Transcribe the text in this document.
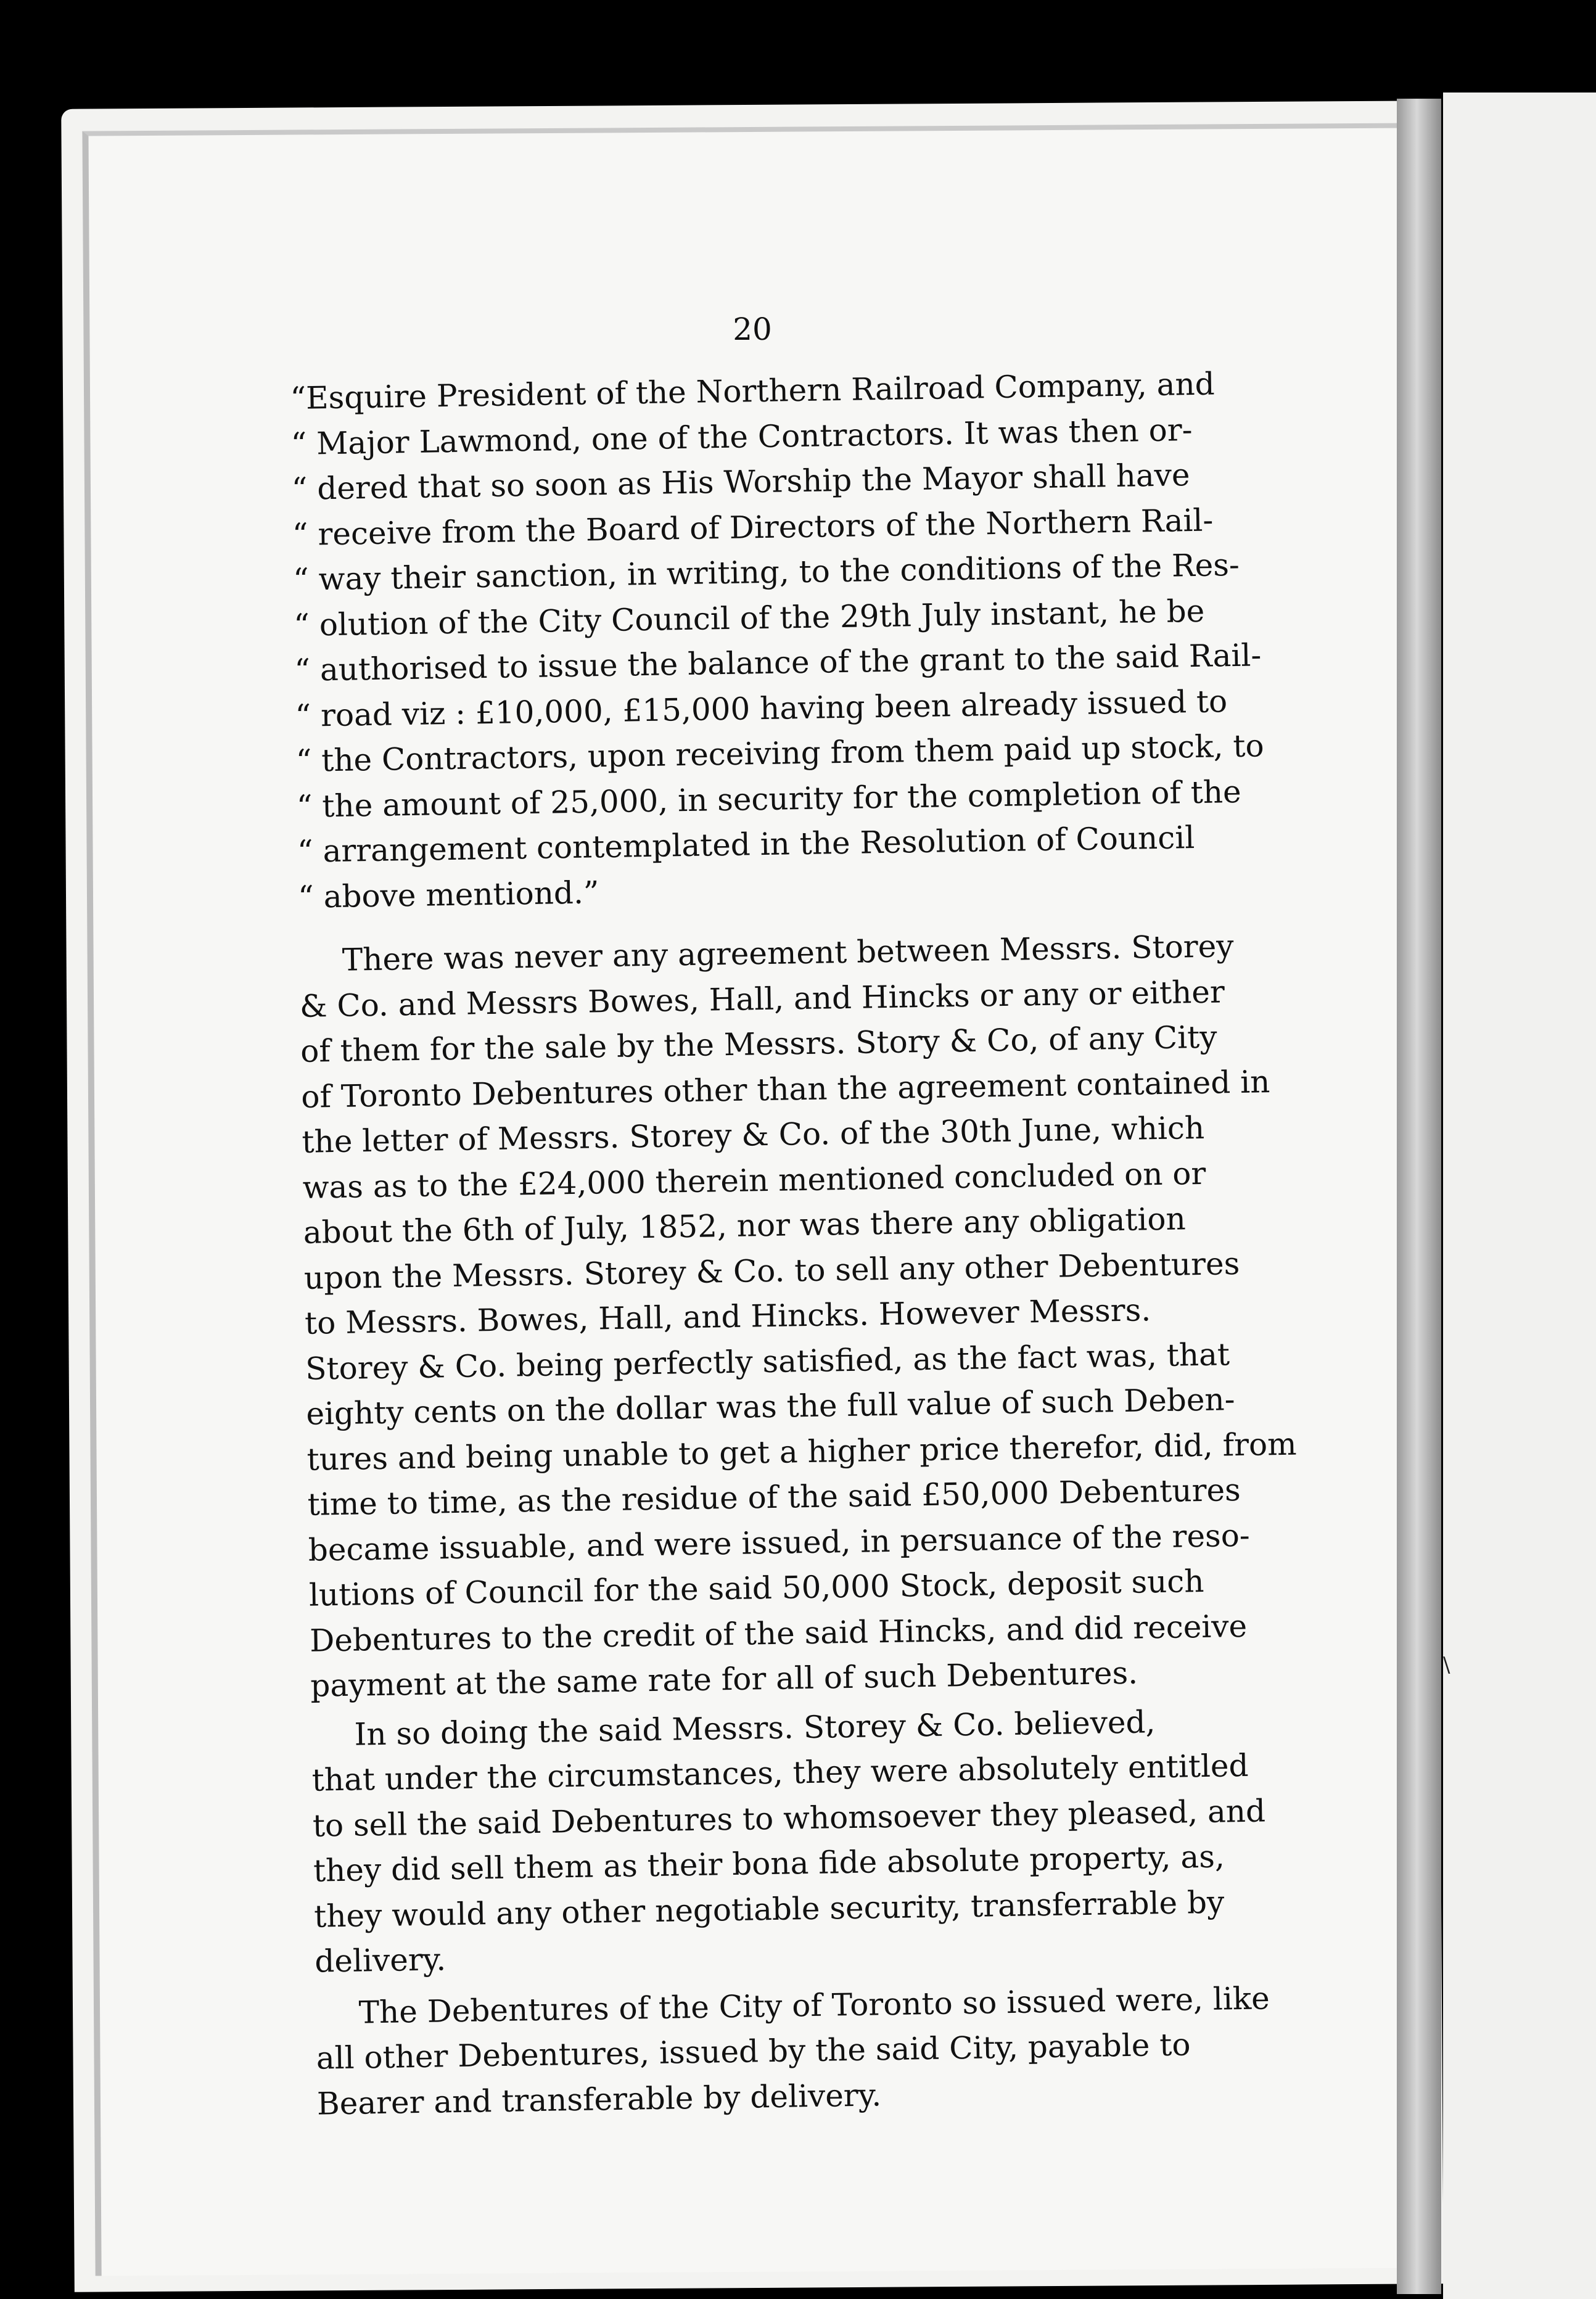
\
20
“Esquire President of the Northern Railroad Company, and
“ Major Lawmond, one of the Contractors. It was then or-
“ dered that so soon as His Worship the Mayor shall have
“ receive from the Board of Directors of the Northern Rail-
“ way their sanction, in writing, to the conditions of the Res-
“ olution of the City Council of the 29th July instant, he be
“ authorised to issue the balance of the grant to the said Rail-
“ road viz : £10,000, £15,000 having been already issued to
“ the Contractors, upon receiving from them paid up stock, to
“ the amount of 25,000, in security for the completion of the
“ arrangement contemplated in the Resolution of Council
“ above mentiond.”
There was never any agreement between Messrs. Storey
& Co. and Messrs Bowes, Hall, and Hincks or any or either
of them for the sale by the Messrs. Story & Co, of any City
of Toronto Debentures other than the agreement contained in
the letter of Messrs. Storey & Co. of the 30th June, which
was as to the £24,000 therein mentioned concluded on or
about the 6th of July, 1852, nor was there any obligation
upon the Messrs. Storey & Co. to sell any other Debentures
to Messrs. Bowes, Hall, and Hincks. However Messrs.
Storey & Co. being perfectly satisfied, as the fact was, that
eighty cents on the dollar was the full value of such Deben-
tures and being unable to get a higher price therefor, did, from
time to time, as the residue of the said £50,000 Debentures
became issuable, and were issued, in persuance of the reso-
lutions of Council for the said 50,000 Stock, deposit such
Debentures to the credit of the said Hincks, and did receive
payment at the same rate for all of such Debentures.
In so doing the said Messrs. Storey & Co. believed,
that under the circumstances, they were absolutely entitled
to sell the said Debentures to whomsoever they pleased, and
they did sell them as their bona fide absolute property, as,
they would any other negotiable security, transferrable by
delivery.
The Debentures of the City of Toronto so issued were, like
all other Debentures, issued by the said City, payable to
Bearer and transferable by delivery.
